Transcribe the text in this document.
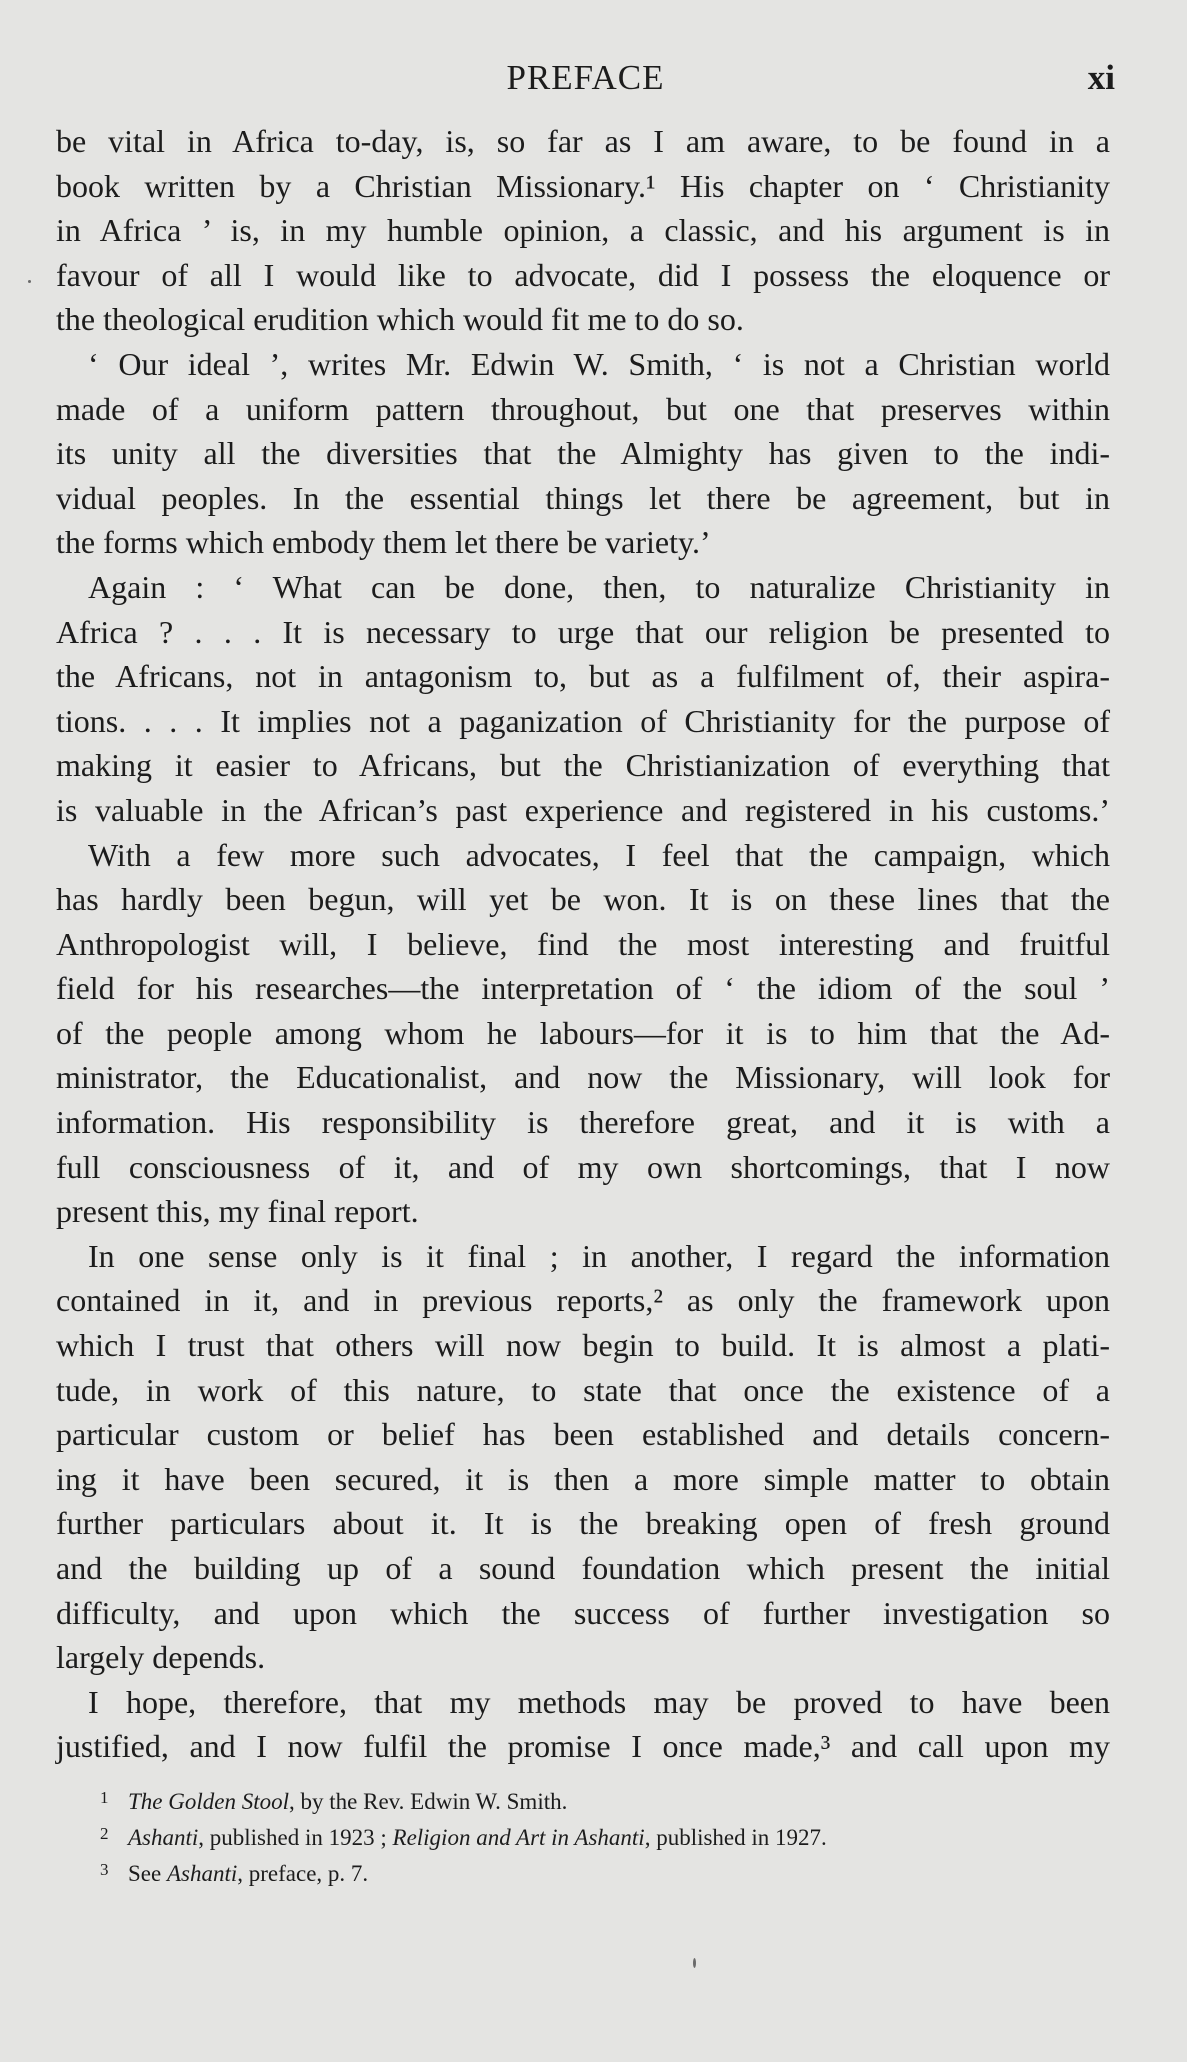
PREFACE	xi
be vital in Africa to-day, is, so far as I am aware, to be found in a
book written by a Christian Missionary.¹ His chapter on ‘ Christianity
in Africa ’ is, in my humble opinion, a classic, and his argument is in
favour of all I would like to advocate, did I possess the eloquence or
the theological erudition which would fit me to do so.
‘ Our ideal ’, writes Mr. Edwin W. Smith, ‘ is not a Christian world
made of a uniform pattern throughout, but one that preserves within
its unity all the diversities that the Almighty has given to the indi-
vidual peoples. In the essential things let there be agreement, but in
the forms which embody them let there be variety.’
Again : ‘ What can be done, then, to naturalize Christianity in
Africa ? . . . It is necessary to urge that our religion be presented to
the Africans, not in antagonism to, but as a fulfilment of, their aspira-
tions. . . . It implies not a paganization of Christianity for the purpose of
making it easier to Africans, but the Christianization of everything that
is valuable in the African’s past experience and registered in his customs.’
With a few more such advocates, I feel that the campaign, which
has hardly been begun, will yet be won. It is on these lines that the
Anthropologist will, I believe, find the most interesting and fruitful
field for his researches—the interpretation of ‘ the idiom of the soul ’
of the people among whom he labours—for it is to him that the Ad-
ministrator, the Educationalist, and now the Missionary, will look for
information. His responsibility is therefore great, and it is with a
full consciousness of it, and of my own shortcomings, that I now
present this, my final report.
In one sense only is it final ; in another, I regard the information
contained in it, and in previous reports,² as only the framework upon
which I trust that others will now begin to build. It is almost a plati-
tude, in work of this nature, to state that once the existence of a
particular custom or belief has been established and details concern-
ing it have been secured, it is then a more simple matter to obtain
further particulars about it. It is the breaking open of fresh ground
and the building up of a sound foundation which present the initial
difficulty, and upon which the success of further investigation so
largely depends.
I hope, therefore, that my methods may be proved to have been
justified, and I now fulfil the promise I once made,³ and call upon my
1 The Golden Stool, by the Rev. Edwin W. Smith.
2 Ashanti, published in 1923 ; Religion and Art in Ashanti, published in 1927.
3 See Ashanti, preface, p. 7.
